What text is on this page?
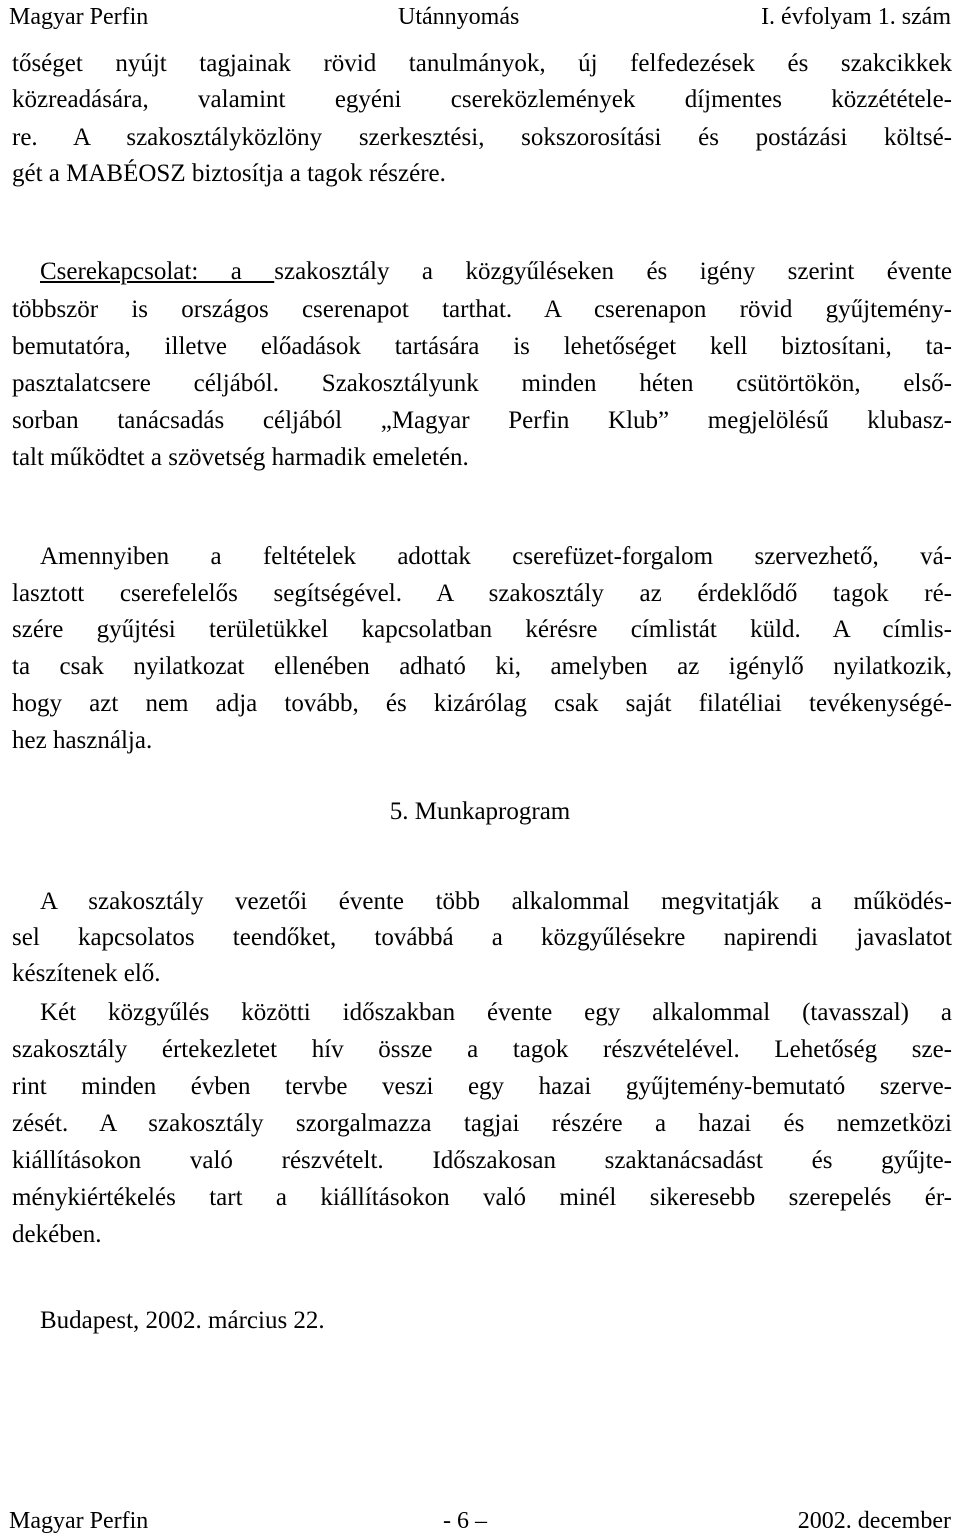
Magyar Perfin	Utánnyomás	I. évfolyam 1. szám
tőséget nyújt tagjainak rövid tanulmányok, új felfedezések és szakcikkek
közreadására, valamint egyéni csereközlemények díjmentes közzététele-
re. A szakosztályközlöny szerkesztési, sokszorosítási és postázási költsé-
gét a MABÉOSZ biztosítja a tagok részére.
Cserekapcsolat: a szakosztály a közgyűléseken és igény szerint évente
többször is országos cserenapot tarthat. A cserenapon rövid gyűjtemény-
bemutatóra, illetve előadások tartására is lehetőséget kell biztosítani, ta-
pasztalatcsere céljából. Szakosztályunk minden héten csütörtökön, első-
sorban tanácsadás céljából „Magyar Perfin Klub” megjelölésű klubasz-
talt működtet a szövetség harmadik emeletén.
Amennyiben a feltételek adottak cserefüzet-forgalom szervezhető, vá-
lasztott cserefelelős segítségével. A szakosztály az érdeklődő tagok ré-
szére gyűjtési területükkel kapcsolatban kérésre címlistát küld. A címlis-
ta csak nyilatkozat ellenében adható ki, amelyben az igénylő nyilatkozik,
hogy azt nem adja tovább, és kizárólag csak saját filatéliai tevékenységé-
hez használja.
5. Munkaprogram
A szakosztály vezetői évente több alkalommal megvitatják a működés-
sel kapcsolatos teendőket, továbbá a közgyűlésekre napirendi javaslatot
készítenek elő.
Két közgyűlés közötti időszakban évente egy alkalommal (tavasszal) a
szakosztály értekezletet hív össze a tagok részvételével. Lehetőség sze-
rint minden évben tervbe veszi egy hazai gyűjtemény-bemutató szerve-
zését. A szakosztály szorgalmazza tagjai részére a hazai és nemzetközi
kiállításokon való részvételt. Időszakosan szaktanácsadást és gyűjte-
ménykiértékelés tart a kiállításokon való minél sikeresebb szerepelés ér-
dekében.
Budapest, 2002. március 22.
Magyar Perfin	- 6 –	2002. december
